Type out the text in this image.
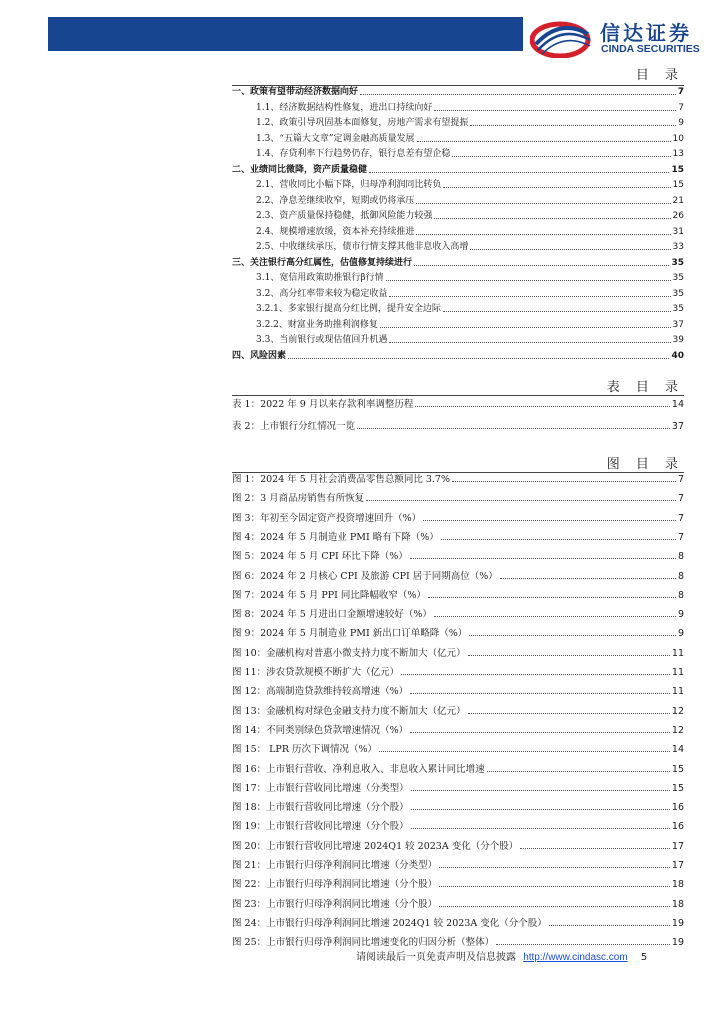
信达证券
CINDA SECURITIES
目 录
一、政策有望带动经济数据向好	7
1.1、经济数据结构性修复，进出口持续向好	7
1.2、政策引导巩固基本面修复，房地产需求有望提振	9
1.3、“五篇大文章”定调金融高质量发展	10
1.4、存贷利率下行趋势仍存，银行息差有望企稳	13
二、业绩同比微降，资产质量稳健	15
2.1、营收同比小幅下降，归母净利润同比转负	15
2.2、净息差继续收窄，短期或仍将承压	21
2.3、资产质量保持稳健，抵御风险能力较强	26
2.4、规模增速放缓，资本补充持续推进	31
2.5、中收继续承压，债市行情支撑其他非息收入高增	33
三、关注银行高分红属性，估值修复持续进行	35
3.1、宽信用政策助推银行β行情	35
3.2、高分红率带来较为稳定收益	35
3.2.1、多家银行提高分红比例，提升安全边际	35
3.2.2、财富业务助推利润修复	37
3.3、当前银行或现估值回升机遇	39
四、风险因素	40
表 目 录
表 1：2022 年 9 月以来存款利率调整历程	14
表 2：上市银行分红情况一览	37
图 目 录
图 1：2024 年 5 月社会消费品零售总额同比 3.7%	7
图 2：3 月商品房销售有所恢复	7
图 3：年初至今固定资产投资增速回升（%）	7
图 4：2024 年 5 月制造业 PMI 略有下降（%）	7
图 5：2024 年 5 月 CPI 环比下降（%）	8
图 6：2024 年 2 月核心 CPI 及旅游 CPI 居于同期高位（%）	8
图 7：2024 年 5 月 PPI 同比降幅收窄（%）	8
图 8：2024 年 5 月进出口金额增速较好（%）	9
图 9：2024 年 5 月制造业 PMI 新出口订单略降（%）	9
图 10：金融机构对普惠小微支持力度不断加大（亿元）	11
图 11：涉农贷款规模不断扩大（亿元）	11
图 12：高端制造贷款维持较高增速（%）	11
图 13：金融机构对绿色金融支持力度不断加大（亿元）	12
图 14：不同类别绿色贷款增速情况（%）	12
图 15： LPR 历次下调情况（%）	14
图 16：上市银行营收、净利息收入、非息收入累计同比增速	15
图 17：上市银行营收同比增速（分类型）	15
图 18：上市银行营收同比增速（分个股）	16
图 19：上市银行营收同比增速（分个股）	16
图 20：上市银行营收同比增速 2024Q1 较 2023A 变化（分个股）	17
图 21：上市银行归母净利润同比增速（分类型）	17
图 22：上市银行归母净利润同比增速（分个股）	18
图 23：上市银行归母净利润同比增速（分个股）	18
图 24：上市银行归母净利润同比增速 2024Q1 较 2023A 变化（分个股）	19
图 25：上市银行归母净利润同比增速变化的归因分析（整体）	19
请阅读最后一页免责声明及信息披露 http://www.cindasc.com 5
